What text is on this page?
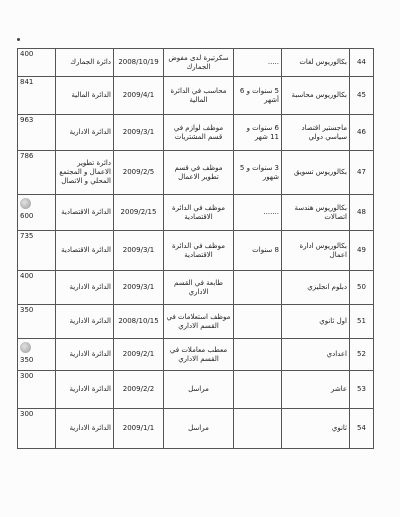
400	دائرة الجمارك	2008/10/19	سكرتيرة لدى مفوض الجمارك	.....	بكالوريوس لغات	44

841	الدائرة المالية	2009/4/1	محاسب في الدائرة المالية	5 سنوات و 6 أشهر	بكالوريوس محاسبة	45

963	الدائرة الادارية	2009/3/1	موظف لوازم في قسم المشتريات	6 سنوات و 11 شهر	ماجستير اقتصاد سياسي دولي	46

786	دائرة تطوير الاعمال و المجتمع المحلي و الاتصال	2009/2/5	موظف في قسم تطوير الاعمال	3 سنوات و 5 شهور	بكالوريوس تسويق	47

600	الدائرة الاقتصادية	2009/2/15	موظف في الدائرة الاقتصادية	.......	بكالوريوس هندسة اتصالات	48

735	الدائرة الاقتصادية	2009/3/1	موظف في الدائرة الاقتصادية	8 سنوات	بكالوريوس ادارة اعمال	49

400	الدائرة الادارية	2009/3/1	طابعة في القسم الاداري		دبلوم انجليزي	50

350	الدائرة الادارية	2008/10/15	موظف استعلامات في القسم الاداري		اول ثانوي	51

350	الدائرة الادارية	2009/2/1	معطب معاملات في القسم الاداري		اعدادي	52

300	الدائرة الادارية	2009/2/2	مراسل		عاشر	53

300	الدائرة الادارية	2009/1/1	مراسل		ثانوي	54
